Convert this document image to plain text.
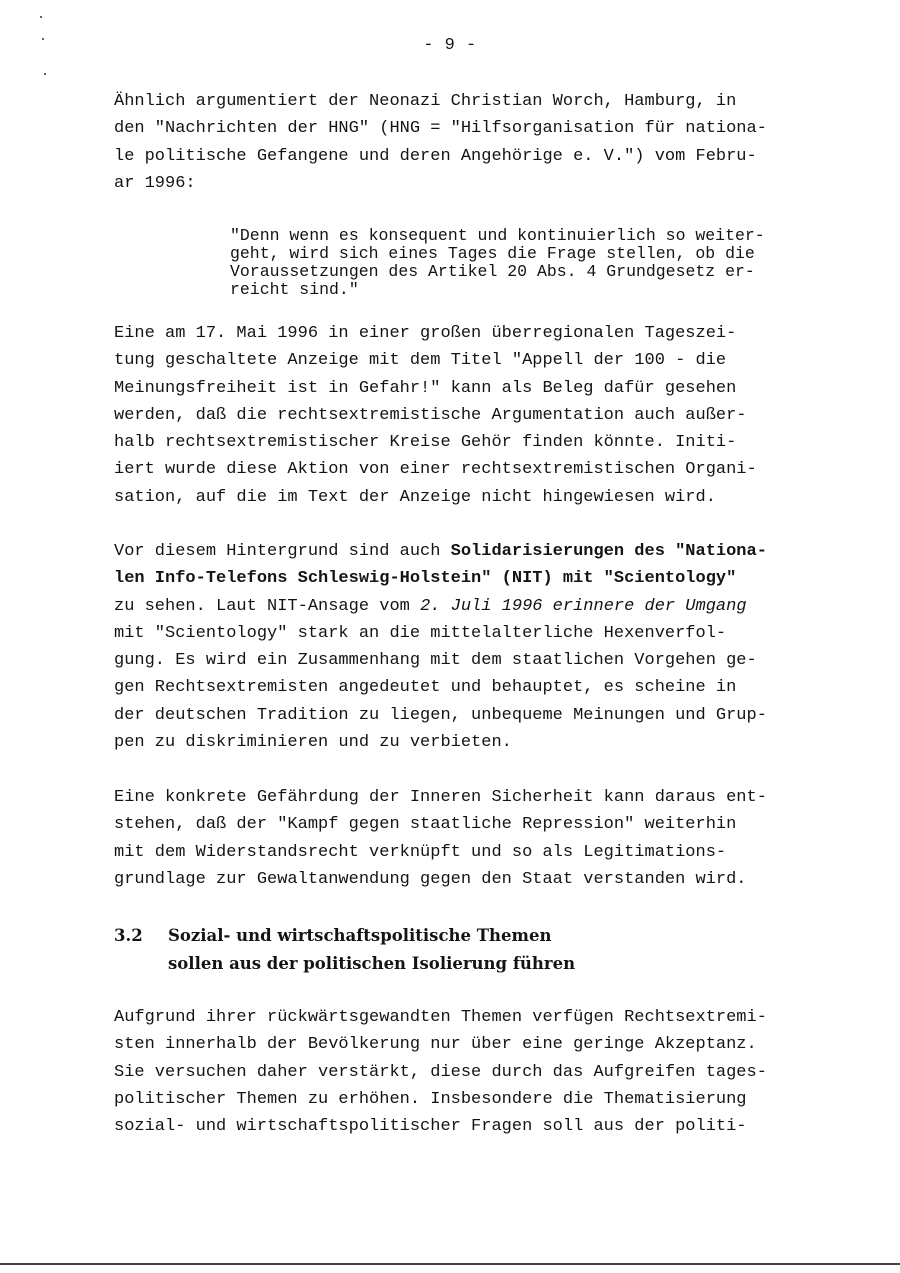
- 9 -
Ähnlich argumentiert der Neonazi Christian Worch, Hamburg, in
den "Nachrichten der HNG" (HNG = "Hilfsorganisation für nationa-
le politische Gefangene und deren Angehörige e. V.") vom Febru-
ar 1996:
"Denn wenn es konsequent und kontinuierlich so weiter-
geht, wird sich eines Tages die Frage stellen, ob die
Voraussetzungen des Artikel 20 Abs. 4 Grundgesetz er-
reicht sind."
Eine am 17. Mai 1996 in einer großen überregionalen Tageszei-
tung geschaltete Anzeige mit dem Titel "Appell der 100 - die
Meinungsfreiheit ist in Gefahr!" kann als Beleg dafür gesehen
werden, daß die rechtsextremistische Argumentation auch außer-
halb rechtsextremistischer Kreise Gehör finden könnte. Initi-
iert wurde diese Aktion von einer rechtsextremistischen Organi-
sation, auf die im Text der Anzeige nicht hingewiesen wird.
Vor diesem Hintergrund sind auch Solidarisierungen des "Nationa-
len Info-Telefons Schleswig-Holstein" (NIT) mit "Scientology"
zu sehen. Laut NIT-Ansage vom 2. Juli 1996 erinnere der Umgang
mit "Scientology" stark an die mittelalterliche Hexenverfol-
gung. Es wird ein Zusammenhang mit dem staatlichen Vorgehen ge-
gen Rechtsextremisten angedeutet und behauptet, es scheine in
der deutschen Tradition zu liegen, unbequeme Meinungen und Grup-
pen zu diskriminieren und zu verbieten.
Eine konkrete Gefährdung der Inneren Sicherheit kann daraus ent-
stehen, daß der "Kampf gegen staatliche Repression" weiterhin
mit dem Widerstandsrecht verknüpft und so als Legitimations-
grundlage zur Gewaltanwendung gegen den Staat verstanden wird.
3.2 Sozial- und wirtschaftspolitische Themen
sollen aus der politischen Isolierung führen
Aufgrund ihrer rückwärtsgewandten Themen verfügen Rechtsextremi-
sten innerhalb der Bevölkerung nur über eine geringe Akzeptanz.
Sie versuchen daher verstärkt, diese durch das Aufgreifen tages-
politischer Themen zu erhöhen. Insbesondere die Thematisierung
sozial- und wirtschaftspolitischer Fragen soll aus der politi-
